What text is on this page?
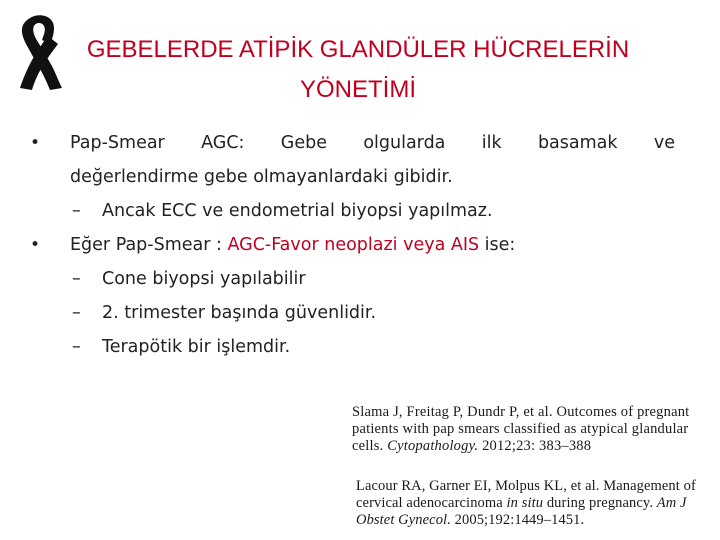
GEBELERDE ATİPİK GLANDÜLER HÜCRELERİN
YÖNETİMİ
• Pap-Smear AGC: Gebe olgularda ilk basamak ve
değerlendirme gebe olmayanlardaki gibidir.
– Ancak ECC ve endometrial biyopsi yapılmaz.
• Eğer Pap-Smear : AGC-Favor neoplazi veya AIS ise:
– Cone biyopsi yapılabilir
– 2. trimester başında güvenlidir.
– Terapötik bir işlemdir.
Slama J, Freitag P, Dundr P, et al. Outcomes of pregnant patients with pap smears classified as atypical glandular cells. Cytopathology. 2012;23: 383–388
Lacour RA, Garner EI, Molpus KL, et al. Management of cervical adenocarcinoma in situ during pregnancy. Am J Obstet Gynecol. 2005;192:1449–1451.
